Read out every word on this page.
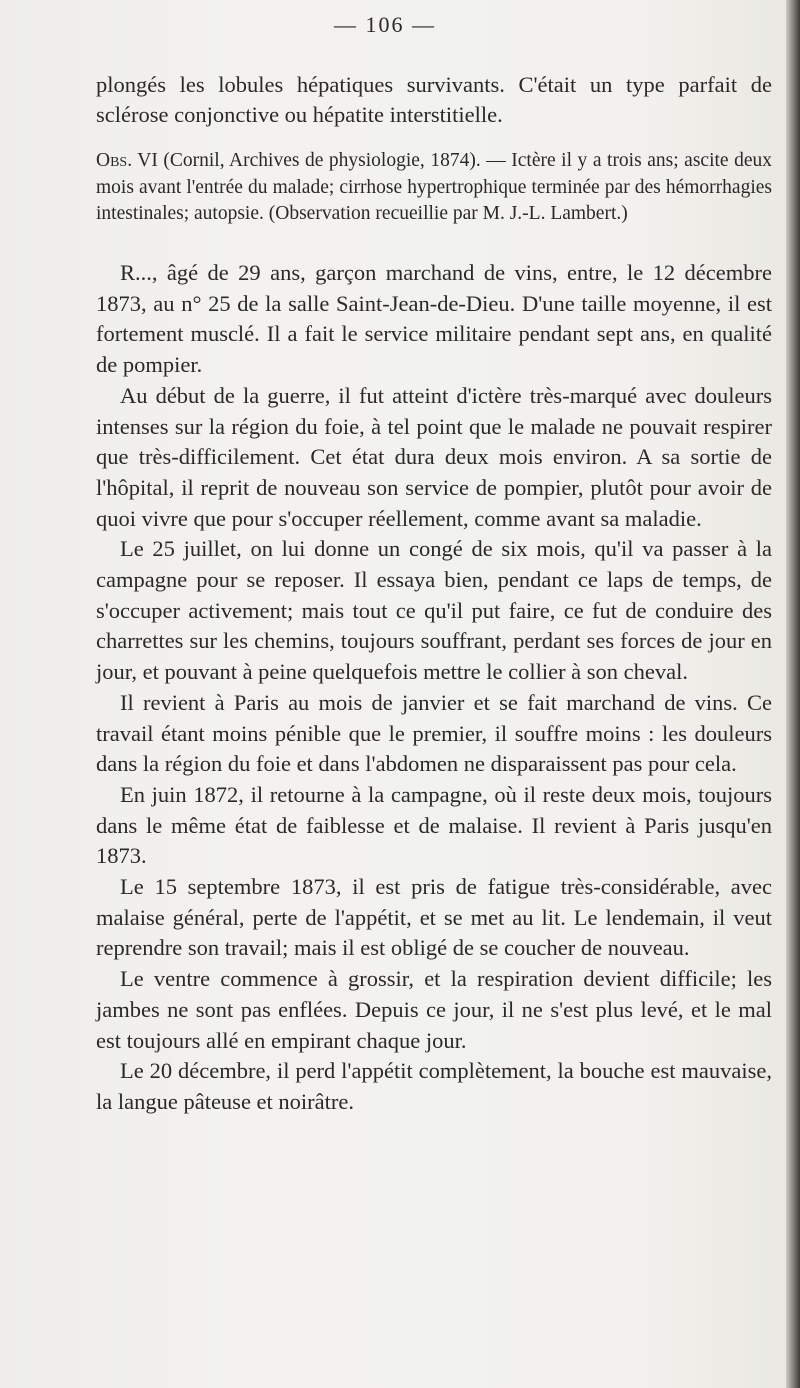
— 106 —

plongés les lobules hépatiques survivants. C'était un type parfait de sclérose conjonctive ou hépatite interstitielle.

Obs. VI (Cornil, Archives de physiologie, 1874). — Ictère il y a trois ans; ascite deux mois avant l'entrée du malade; cirrhose hypertrophique terminée par des hémorrhagies intestinales; autopsie. (Observation recueillie par M. J.-L. Lambert.)

R..., âgé de 29 ans, garçon marchand de vins, entre, le 12 décembre 1873, au n° 25 de la salle Saint-Jean-de-Dieu. D'une taille moyenne, il est fortement musclé. Il a fait le service militaire pendant sept ans, en qualité de pompier.

Au début de la guerre, il fut atteint d'ictère très-marqué avec douleurs intenses sur la région du foie, à tel point que le malade ne pouvait respirer que très-difficilement. Cet état dura deux mois environ. A sa sortie de l'hôpital, il reprit de nouveau son service de pompier, plutôt pour avoir de quoi vivre que pour s'occuper réellement, comme avant sa maladie.

Le 25 juillet, on lui donne un congé de six mois, qu'il va passer à la campagne pour se reposer. Il essaya bien, pendant ce laps de temps, de s'occuper activement; mais tout ce qu'il put faire, ce fut de conduire des charrettes sur les chemins, toujours souffrant, perdant ses forces de jour en jour, et pouvant à peine quelquefois mettre le collier à son cheval.

Il revient à Paris au mois de janvier et se fait marchand de vins. Ce travail étant moins pénible que le premier, il souffre moins : les douleurs dans la région du foie et dans l'abdomen ne disparaissent pas pour cela.

En juin 1872, il retourne à la campagne, où il reste deux mois, toujours dans le même état de faiblesse et de malaise. Il revient à Paris jusqu'en 1873.

Le 15 septembre 1873, il est pris de fatigue très-considérable, avec malaise général, perte de l'appétit, et se met au lit. Le lendemain, il veut reprendre son travail; mais il est obligé de se coucher de nouveau.

Le ventre commence à grossir, et la respiration devient difficile; les jambes ne sont pas enflées. Depuis ce jour, il ne s'est plus levé, et le mal est toujours allé en empirant chaque jour.

Le 20 décembre, il perd l'appétit complètement, la bouche est mauvaise, la langue pâteuse et noirâtre.
